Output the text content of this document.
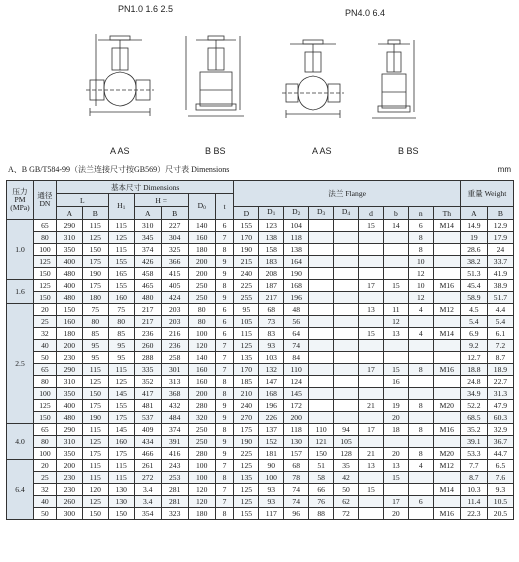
PN1.0 1.6 2.5	PN4.0 6.4
A AS	B BS	A AS	B BS
A、B GB/T584-99（法兰连接尺寸按GB569）尺寸表 Dimensions	mm
压力 PM (MPa)	通径 DN	基本尺寸 Dimensions							法兰 Flange									重量 Weight	
		L		H1	H =		D0	t											
		A	B		A	B			D	D1	D2	D3	D4	d	b	n	Th	A	B
1.0	65	290	115	115	310	227	140	6	155	123	104			15	14	6	M14	14.9	12.9
	80	310	125	125	345	304	160	7	170	138	118					8		19	17.9
	100	350	150	115	374	325	180	8	190	158	138					8		28.6	24
	125	400	175	155	426	366	200	9	215	183	164					10		38.2	33.7
	150	480	190	165	458	415	200	9	240	208	190					12		51.3	41.9
1.6	125	400	175	155	465	405	250	8	225	187	168			17	15	10	M16	45.4	38.9
	150	480	180	160	480	424	250	9	255	217	196					12		58.9	51.7
2.5	20	150	75	75	217	203	80	6	95	68	48			13	11	4	M12	4.5	4.4
	25	160	80	80	217	203	80	6	105	73	56				12			5.4	5.4
	32	180	85	85	236	216	100	6	115	83	64			15	13	4	M14	6.9	6.1
	40	200	95	95	260	236	120	7	125	93	74							9.2	7.2
	50	230	95	95	288	258	140	7	135	103	84							12.7	8.7
	65	290	115	115	335	301	160	7	170	132	110			17	15	8	M16	18.8	18.9
	80	310	125	125	352	313	160	8	185	147	124				16			24.8	22.7
	100	350	150	145	417	368	200	8	210	168	145							34.9	31.3
	125	400	175	155	481	432	280	9	240	196	172			21	19	8	M20	52.2	47.9
	150	480	190	175	537	484	320	9	270	226	200				20			68.5	60.3
4.0	65	290	115	145	409	374	250	8	175	137	118	110	94	17	18	8	M16	35.2	32.9
	80	310	125	160	434	391	250	9	190	152	130	121	105					39.1	36.7
	100	350	175	175	466	416	280	9	225	181	157	150	128	21	20	8	M20	53.3	44.7
6.4	20	200	115	115	261	243	100	7	125	90	68	51	35	13	13	4	M12	7.7	6.5
	25	230	115	115	272	253	100	8	135	100	78	58	42		15			8.7	7.6
	32	230	120	130	3.4	281	120	7	125	93	74	66	50	15			M14	10.3	9.3
	40	260	125	130	3.4	281	120	7	125	93	74	76	62		17	6		11.4	10.5
	50	300	150	150	354	323	180	8	155	117	96	88	72		20		M16	22.3	20.5
